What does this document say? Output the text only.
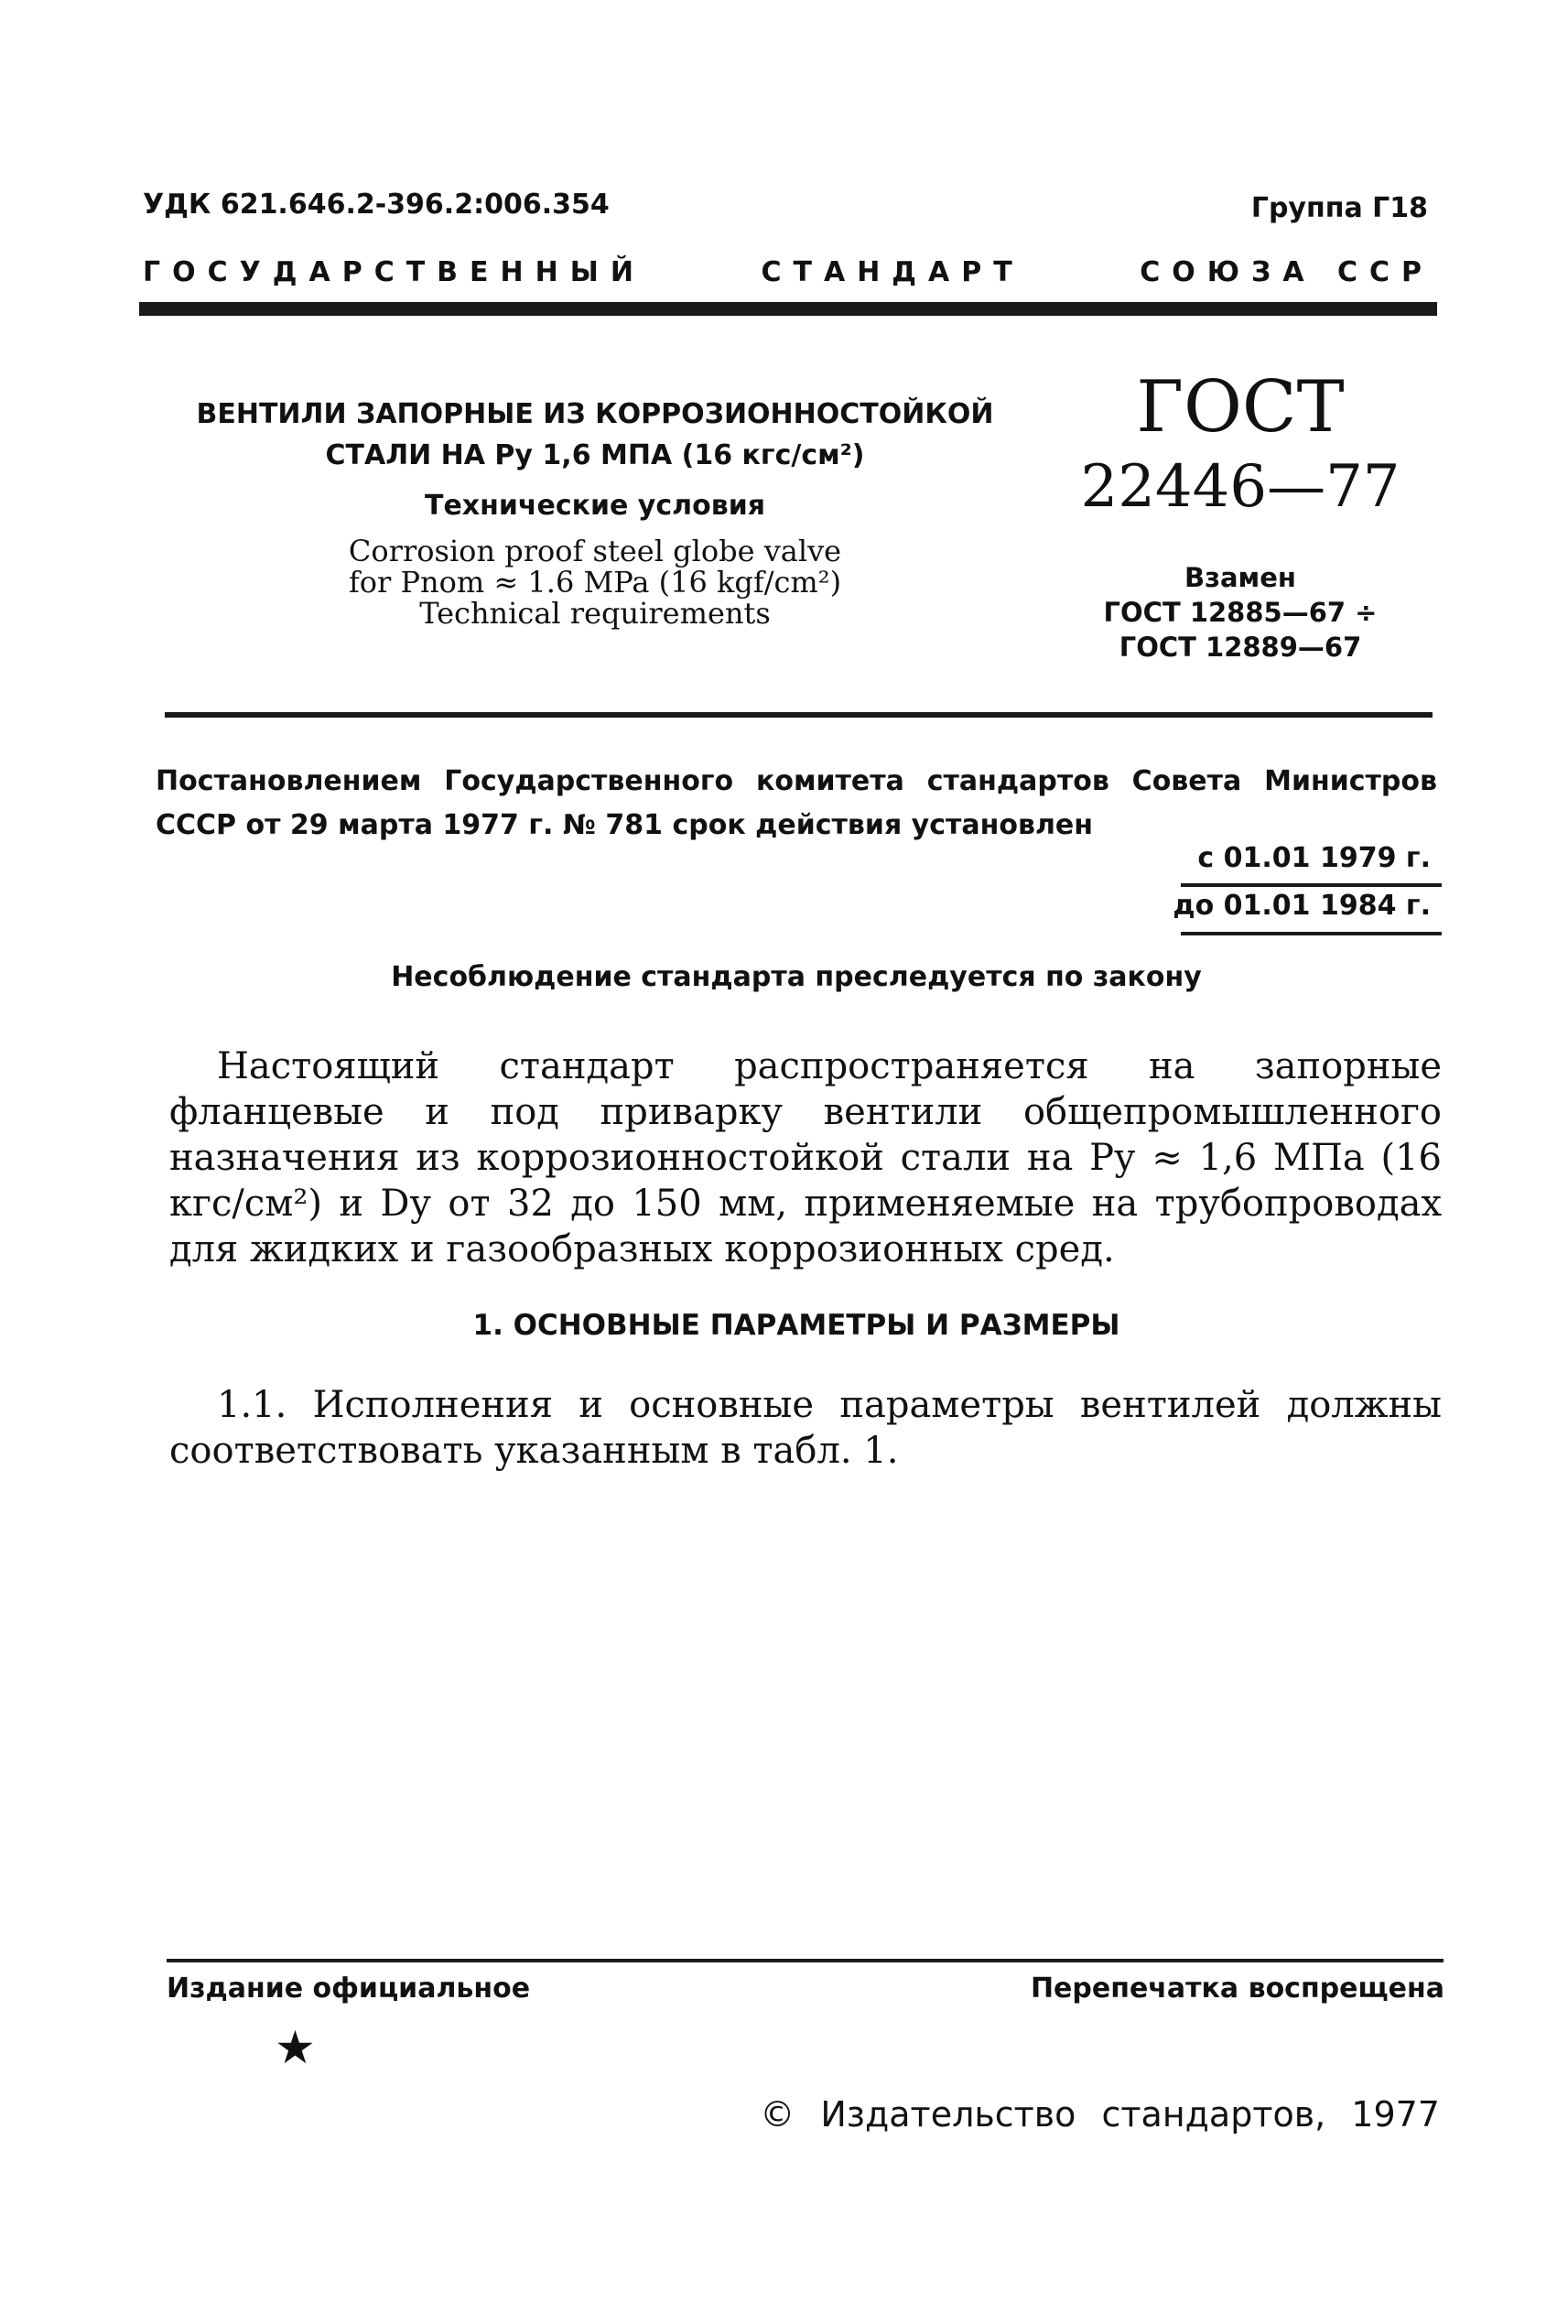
УДК 621.646.2-396.2:006.354	Группа Г18
ГОСУДАРСТВЕННЫЙ	СТАНДАРТ	СОЮЗА ССР
ВЕНТИЛИ ЗАПОРНЫЕ ИЗ КОРРОЗИОННОСТОЙКОЙ
СТАЛИ НА Pу 1,6 МПА (16 кгс/см²)
Технические условия
Corrosion proof steel globe valve
for Pnom ≈ 1.6 MPa (16 kgf/cm²)
Technical requirements
ГОСТ
22446—77
Взамен
ГОСТ 12885—67 ÷
ГОСТ 12889—67
Постановлением Государственного комитета стандартов Совета Министров
СССР от 29 марта 1977 г. № 781 срок действия установлен
с 01.01 1979 г.
до 01.01 1984 г.
Несоблюдение стандарта преследуется по закону
Настоящий стандарт распространяется на запорные фланцевые и под приварку вентили общепромышленного назначения из коррозионностойкой стали на Pу ≈ 1,6 МПа (16 кгс/см²) и Dу от 32 до 150 мм, применяемые на трубопроводах для жидких и газообразных коррозионных сред.
1. ОСНОВНЫЕ ПАРАМЕТРЫ И РАЗМЕРЫ
1.1. Исполнения и основные параметры вентилей должны соответствовать указанным в табл. 1.
Издание официальное	Перепечатка воспрещена
★
© Издательство стандартов, 1977
